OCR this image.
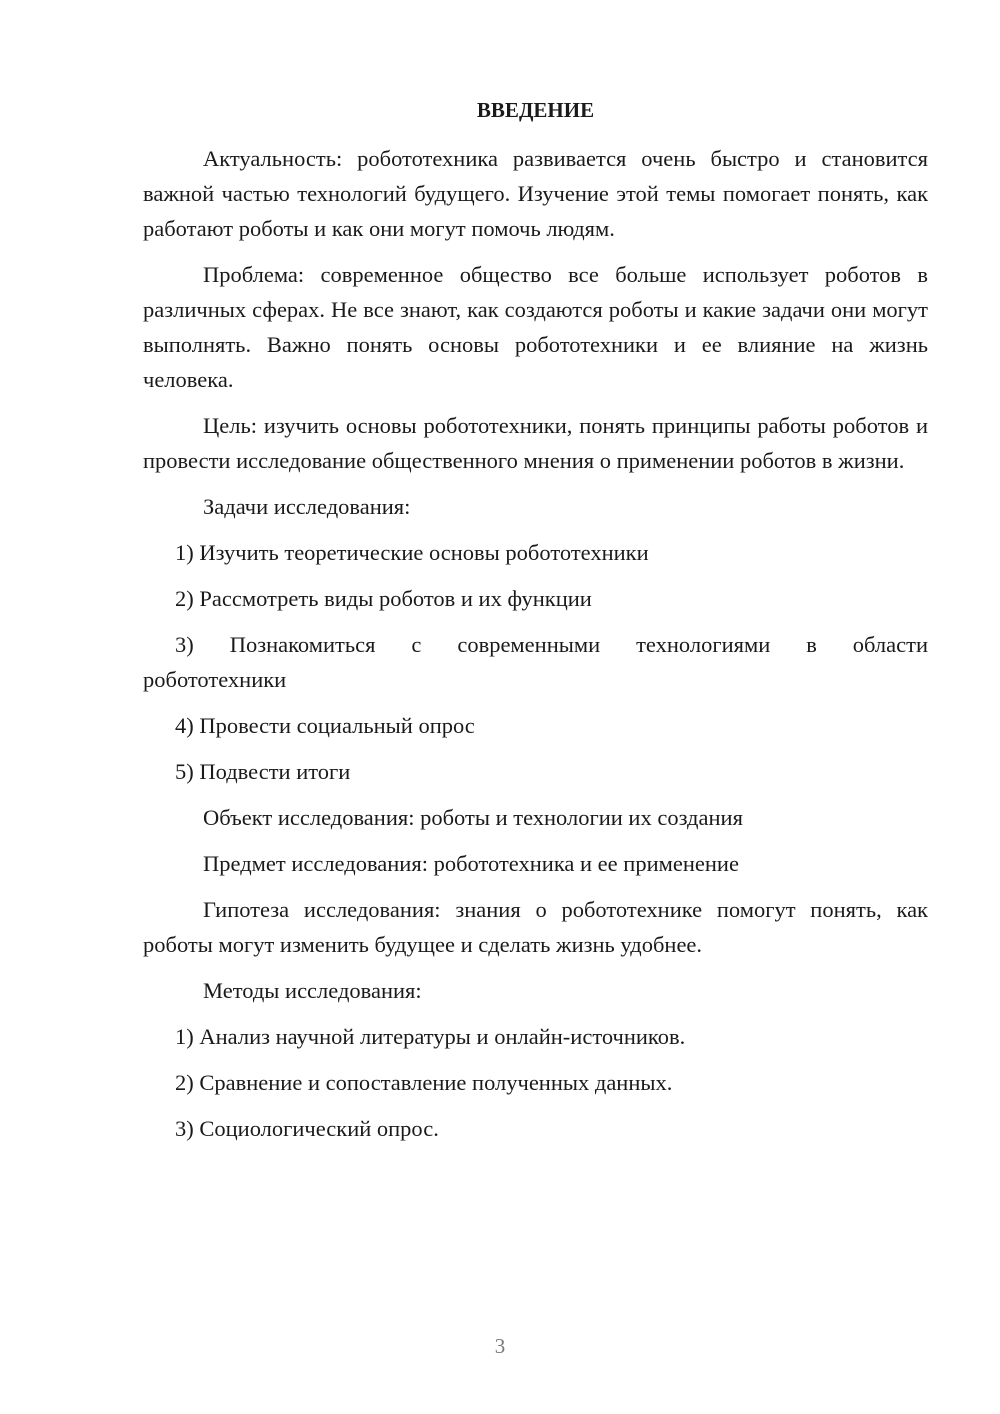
ВВЕДЕНИЕ

Актуальность: робототехника развивается очень быстро и становится важной частью технологий будущего. Изучение этой темы помогает понять, как работают роботы и как они могут помочь людям.

Проблема: современное общество все больше использует роботов в различных сферах. Не все знают, как создаются роботы и какие задачи они могут выполнять. Важно понять основы робототехники и ее влияние на жизнь человека.

Цель: изучить основы робототехники, понять принципы работы роботов и провести исследование общественного мнения о применении роботов в жизни.

Задачи исследования:

1) Изучить теоретические основы робототехники

2) Рассмотреть виды роботов и их функции

3) Познакомиться с современными технологиями в области

робототехники

4) Провести социальный опрос

5) Подвести итоги

Объект исследования: роботы и технологии их создания

Предмет исследования: робототехника и ее применение

Гипотеза исследования: знания о робототехнике помогут понять, как роботы могут изменить будущее и сделать жизнь удобнее.

Методы исследования:

1) Анализ научной литературы и онлайн-источников.

2) Сравнение и сопоставление полученных данных.

3) Социологический опрос.

3
